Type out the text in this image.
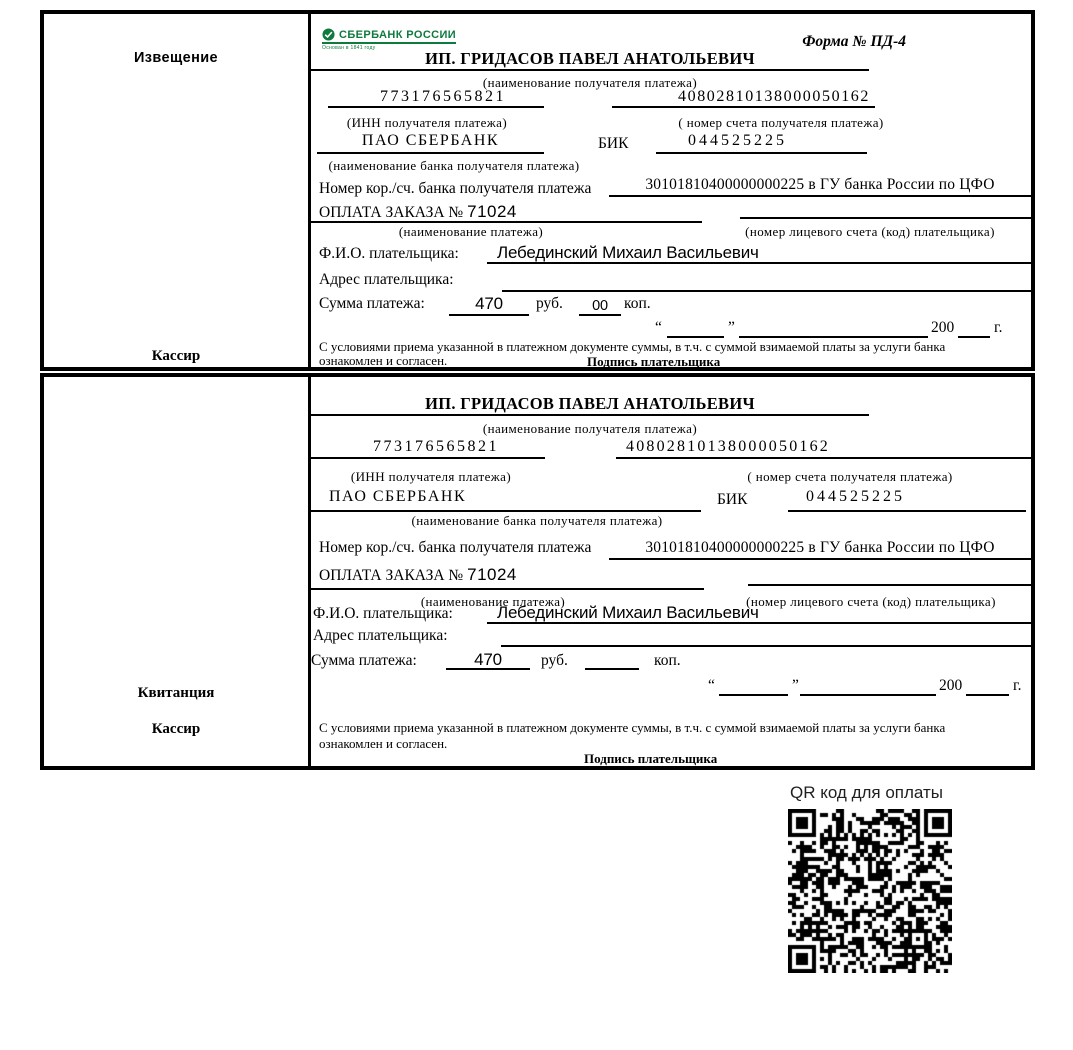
Извещение
Кассир
СБЕРБАНК РОССИИ
Основан в 1841 году	Форма № ПД-4
ИП. ГРИДАСОВ ПАВЕЛ АНАТОЛЬЕВИЧ
(наименование получателя платежа)
773176565821	40802810138000050162
(ИНН получателя платежа)	( номер счета получателя платежа)
ПАО СБЕРБАНК	БИК	044525225
(наименование банка получателя платежа)
Номер кор./сч. банка получателя платежа	30101810400000000225 в ГУ банка России по ЦФО
ОПЛАТА ЗАКАЗА № 71024
(наименование платежа)	(номер лицевого счета (код) плательщика)
Ф.И.О. плательщика:	Лебединский Михаил Васильевич
Адрес плательщика:
Сумма платежа:	470	руб.	00	коп.
“	”	200	г.
С условиями приема указанной в платежном документе суммы, в т.ч. с суммой взимаемой платы за услуги банка
ознакомлен и согласен.	Подпись плательщика
Квитанция
Кассир
ИП. ГРИДАСОВ ПАВЕЛ АНАТОЛЬЕВИЧ
(наименование получателя платежа)
773176565821	40802810138000050162
(ИНН получателя платежа)	( номер счета получателя платежа)
ПАО СБЕРБАНК	БИК	044525225
(наименование банка получателя платежа)
Номер кор./сч. банка получателя платежа	30101810400000000225 в ГУ банка России по ЦФО
ОПЛАТА ЗАКАЗА № 71024
(наименование платежа)	(номер лицевого счета (код) плательщика)
Ф.И.О. плательщика:	Лебединский Михаил Васильевич
Адрес плательщика:
Сумма платежа:	470	руб.	коп.
“	”	200	г.
С условиями приема указанной в платежном документе суммы, в т.ч. с суммой взимаемой платы за услуги банка
ознакомлен и согласен.
Подпись плательщика
QR код для оплаты
